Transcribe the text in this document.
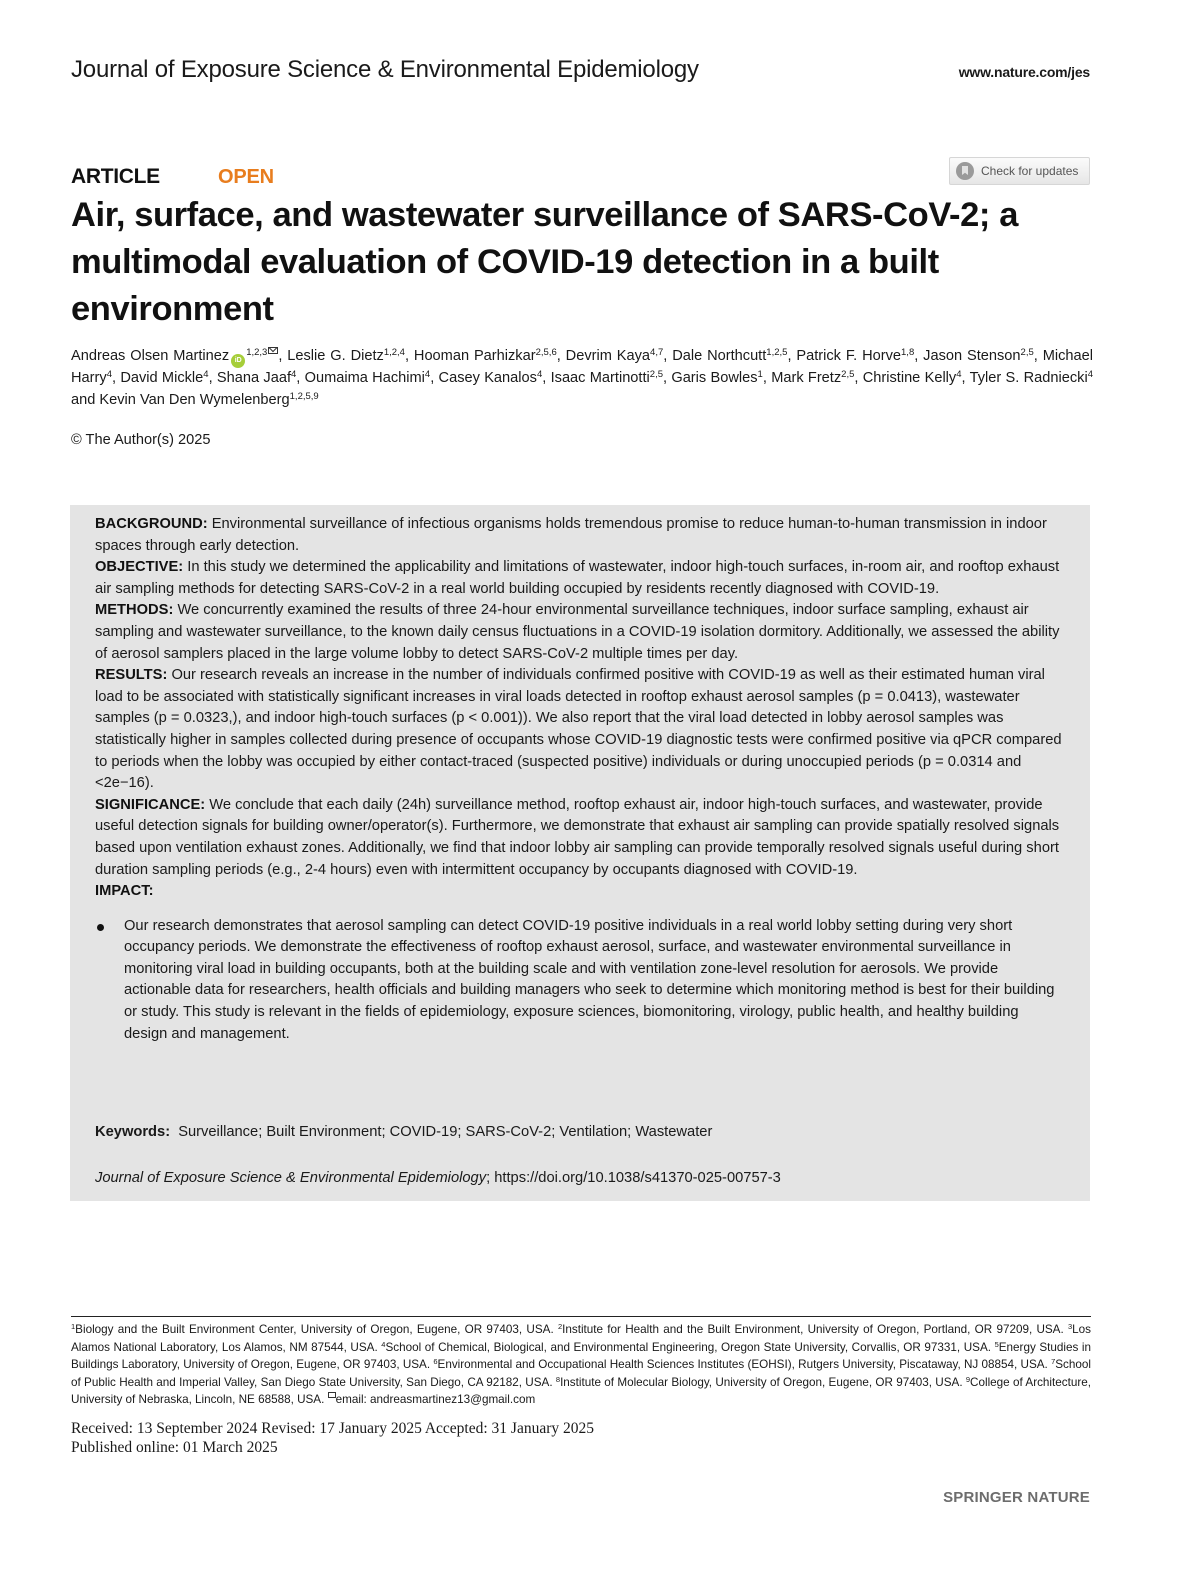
Journal of Exposure Science & Environmental Epidemiology	www.nature.com/jes
ARTICLE	OPEN	Check for updates
Air, surface, and wastewater surveillance of SARS-CoV-2; a multimodal evaluation of COVID-19 detection in a built environment
Andreas Olsen Martinez iD$^{1,2,3}$ , Leslie G. Dietz$^{1,2,4}$, Hooman Parhizkar$^{2,5,6}$, Devrim Kaya$^{4,7}$, Dale Northcutt$^{1,2,5}$, Patrick F. Horve$^{1,8}$, Jason Stenson$^{2,5}$, Michael Harry$^4$, David Mickle$^4$, Shana Jaaf$^4$, Oumaima Hachimi$^4$, Casey Kanalos$^4$, Isaac Martinotti$^{2,5}$, Garis Bowles$^1$, Mark Fretz$^{2,5}$, Christine Kelly$^4$, Tyler S. Radniecki$^4$ and Kevin Van Den Wymelenberg$^{1,2,5,9}$
© The Author(s) 2025

BACKGROUND: Environmental surveillance of infectious organisms holds tremendous promise to reduce human-to-human transmission in indoor spaces through early detection.

OBJECTIVE: In this study we determined the applicability and limitations of wastewater, indoor high-touch surfaces, in-room air, and rooftop exhaust air sampling methods for detecting SARS-CoV-2 in a real world building occupied by residents recently diagnosed with COVID-19.

METHODS: We concurrently examined the results of three 24-hour environmental surveillance techniques, indoor surface sampling, exhaust air sampling and wastewater surveillance, to the known daily census fluctuations in a COVID-19 isolation dormitory. Additionally, we assessed the ability of aerosol samplers placed in the large volume lobby to detect SARS-CoV-2 multiple times per day.

RESULTS: Our research reveals an increase in the number of individuals confirmed positive with COVID-19 as well as their estimated human viral load to be associated with statistically significant increases in viral loads detected in rooftop exhaust aerosol samples (p = 0.0413), wastewater samples (p = 0.0323,), and indoor high-touch surfaces (p < 0.001)). We also report that the viral load detected in lobby aerosol samples was statistically higher in samples collected during presence of occupants whose COVID-19 diagnostic tests were confirmed positive via qPCR compared to periods when the lobby was occupied by either contact-traced (suspected positive) individuals or during unoccupied periods (p = 0.0314 and <2e−16).

SIGNIFICANCE: We conclude that each daily (24h) surveillance method, rooftop exhaust air, indoor high-touch surfaces, and wastewater, provide useful detection signals for building owner/operator(s). Furthermore, we demonstrate that exhaust air sampling can provide spatially resolved signals based upon ventilation exhaust zones. Additionally, we find that indoor lobby air sampling can provide temporally resolved signals useful during short duration sampling periods (e.g., 2-4 hours) even with intermittent occupancy by occupants diagnosed with COVID-19.

IMPACT:

Our research demonstrates that aerosol sampling can detect COVID-19 positive individuals in a real world lobby setting during very short occupancy periods. We demonstrate the effectiveness of rooftop exhaust aerosol, surface, and wastewater environmental surveillance in monitoring viral load in building occupants, both at the building scale and with ventilation zone-level resolution for aerosols. We provide actionable data for researchers, health officials and building managers who seek to determine which monitoring method is best for their building or study. This study is relevant in the fields of epidemiology, exposure sciences, biomonitoring, virology, public health, and healthy building design and management.
Keywords: Surveillance; Built Environment; COVID-19; SARS-CoV-2; Ventilation; Wastewater
Journal of Exposure Science & Environmental Epidemiology; https://doi.org/10.1038/s41370-025-00757-3
$^1$Biology and the Built Environment Center, University of Oregon, Eugene, OR 97403, USA. $^2$Institute for Health and the Built Environment, University of Oregon, Portland, OR 97209, USA. $^3$Los Alamos National Laboratory, Los Alamos, NM 87544, USA. $^4$School of Chemical, Biological, and Environmental Engineering, Oregon State University, Corvallis, OR 97331, USA. $^5$Energy Studies in Buildings Laboratory, University of Oregon, Eugene, OR 97403, USA. $^6$Environmental and Occupational Health Sciences Institutes (EOHSI), Rutgers University, Piscataway, NJ 08854, USA. $^7$School of Public Health and Imperial Valley, San Diego State University, San Diego, CA 92182, USA. $^8$Institute of Molecular Biology, University of Oregon, Eugene, OR 97403, USA. $^9$College of Architecture, University of Nebraska, Lincoln, NE 68588, USA. email: andreasmartinez13@gmail.com
Received: 13 September 2024 Revised: 17 January 2025 Accepted: 31 January 2025
Published online: 01 March 2025
SPRINGER NATURE
